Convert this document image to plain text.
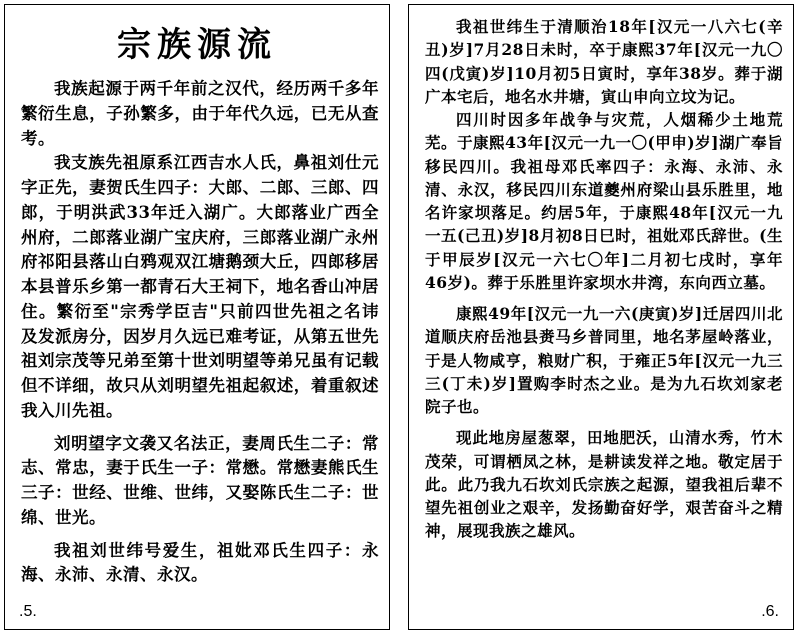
宗族源流

我族起源于两千年前之汉代，经历两千多年繁衍生息，子孙繁多，由于年代久远，已无从查考。

我支族先祖原系江西吉水人氏，鼻祖刘仕元字正先，妻贺氏生四子：大郎、二郎、三郎、四郎，于明洪武33年迁入湖广。大郎落业广西全州府，二郎落业湖广宝庆府，三郎落业湖广永州府祁阳县落山白鸦观双江塘鹅颈大丘，四郎移居本县普乐乡第一都青石大王祠下，地名香山冲居住。繁衍至"宗秀学臣吉"只前四世先祖之名讳及发派房分，因岁月久远已难考证，从第五世先祖刘宗茂等兄弟至第十世刘明望等弟兄虽有记载但不详细，故只从刘明望先祖起叙述，着重叙述我入川先祖。

刘明望字文袭又名法正，妻周氏生二子：常志、常忠，妻于氏生一子：常懋。常懋妻熊氏生三子：世经、世维、世纬，又娶陈氏生二子：世绵、世光。

我祖刘世纬号爱生，祖妣邓氏生四子：永海、永沛、永清、永汉。

.5.

我祖世纬生于清顺治18年[汉元一八六七(辛丑)岁]7月28日未时，卒于康熙37年[汉元一九〇四(戊寅)岁]10月初5日寅时，享年38岁。葬于湖广本宅后，地名水井塘，寅山申向立坟为记。

四川时因多年战争与灾荒，人烟稀少土地荒芜。于康熙43年[汉元一九一〇(甲申)岁]湖广奉旨移民四川。我祖母邓氏率四子：永海、永沛、永清、永汉，移民四川东道夔州府梁山县乐胜里，地名许家坝落足。约居5年，于康熙48年[汉元一九一五(己丑)岁]8月初8日巳时，祖妣邓氏辞世。(生于甲辰岁[汉元一六七〇年]二月初七戌时，享年46岁)。葬于乐胜里许家坝水井湾，东向西立墓。

康熙49年[汉元一九一六(庚寅)岁]迁居四川北道顺庆府岳池县赉马乡普同里，地名茅屋岭落业，于是人物咸亨，粮财广积，于雍正5年[汉元一九三三(丁未)岁]置购李时杰之业。是为九石坎刘家老院子也。

现此地房屋葱翠，田地肥沃，山清水秀，竹木茂荣，可谓栖凤之林，是耕读发祥之地。敬定居于此。此乃我九石坎刘氏宗族之起源，望我祖后辈不望先祖创业之艰辛，发扬勤奋好学，艰苦奋斗之精神，展现我族之雄风。

.6.
